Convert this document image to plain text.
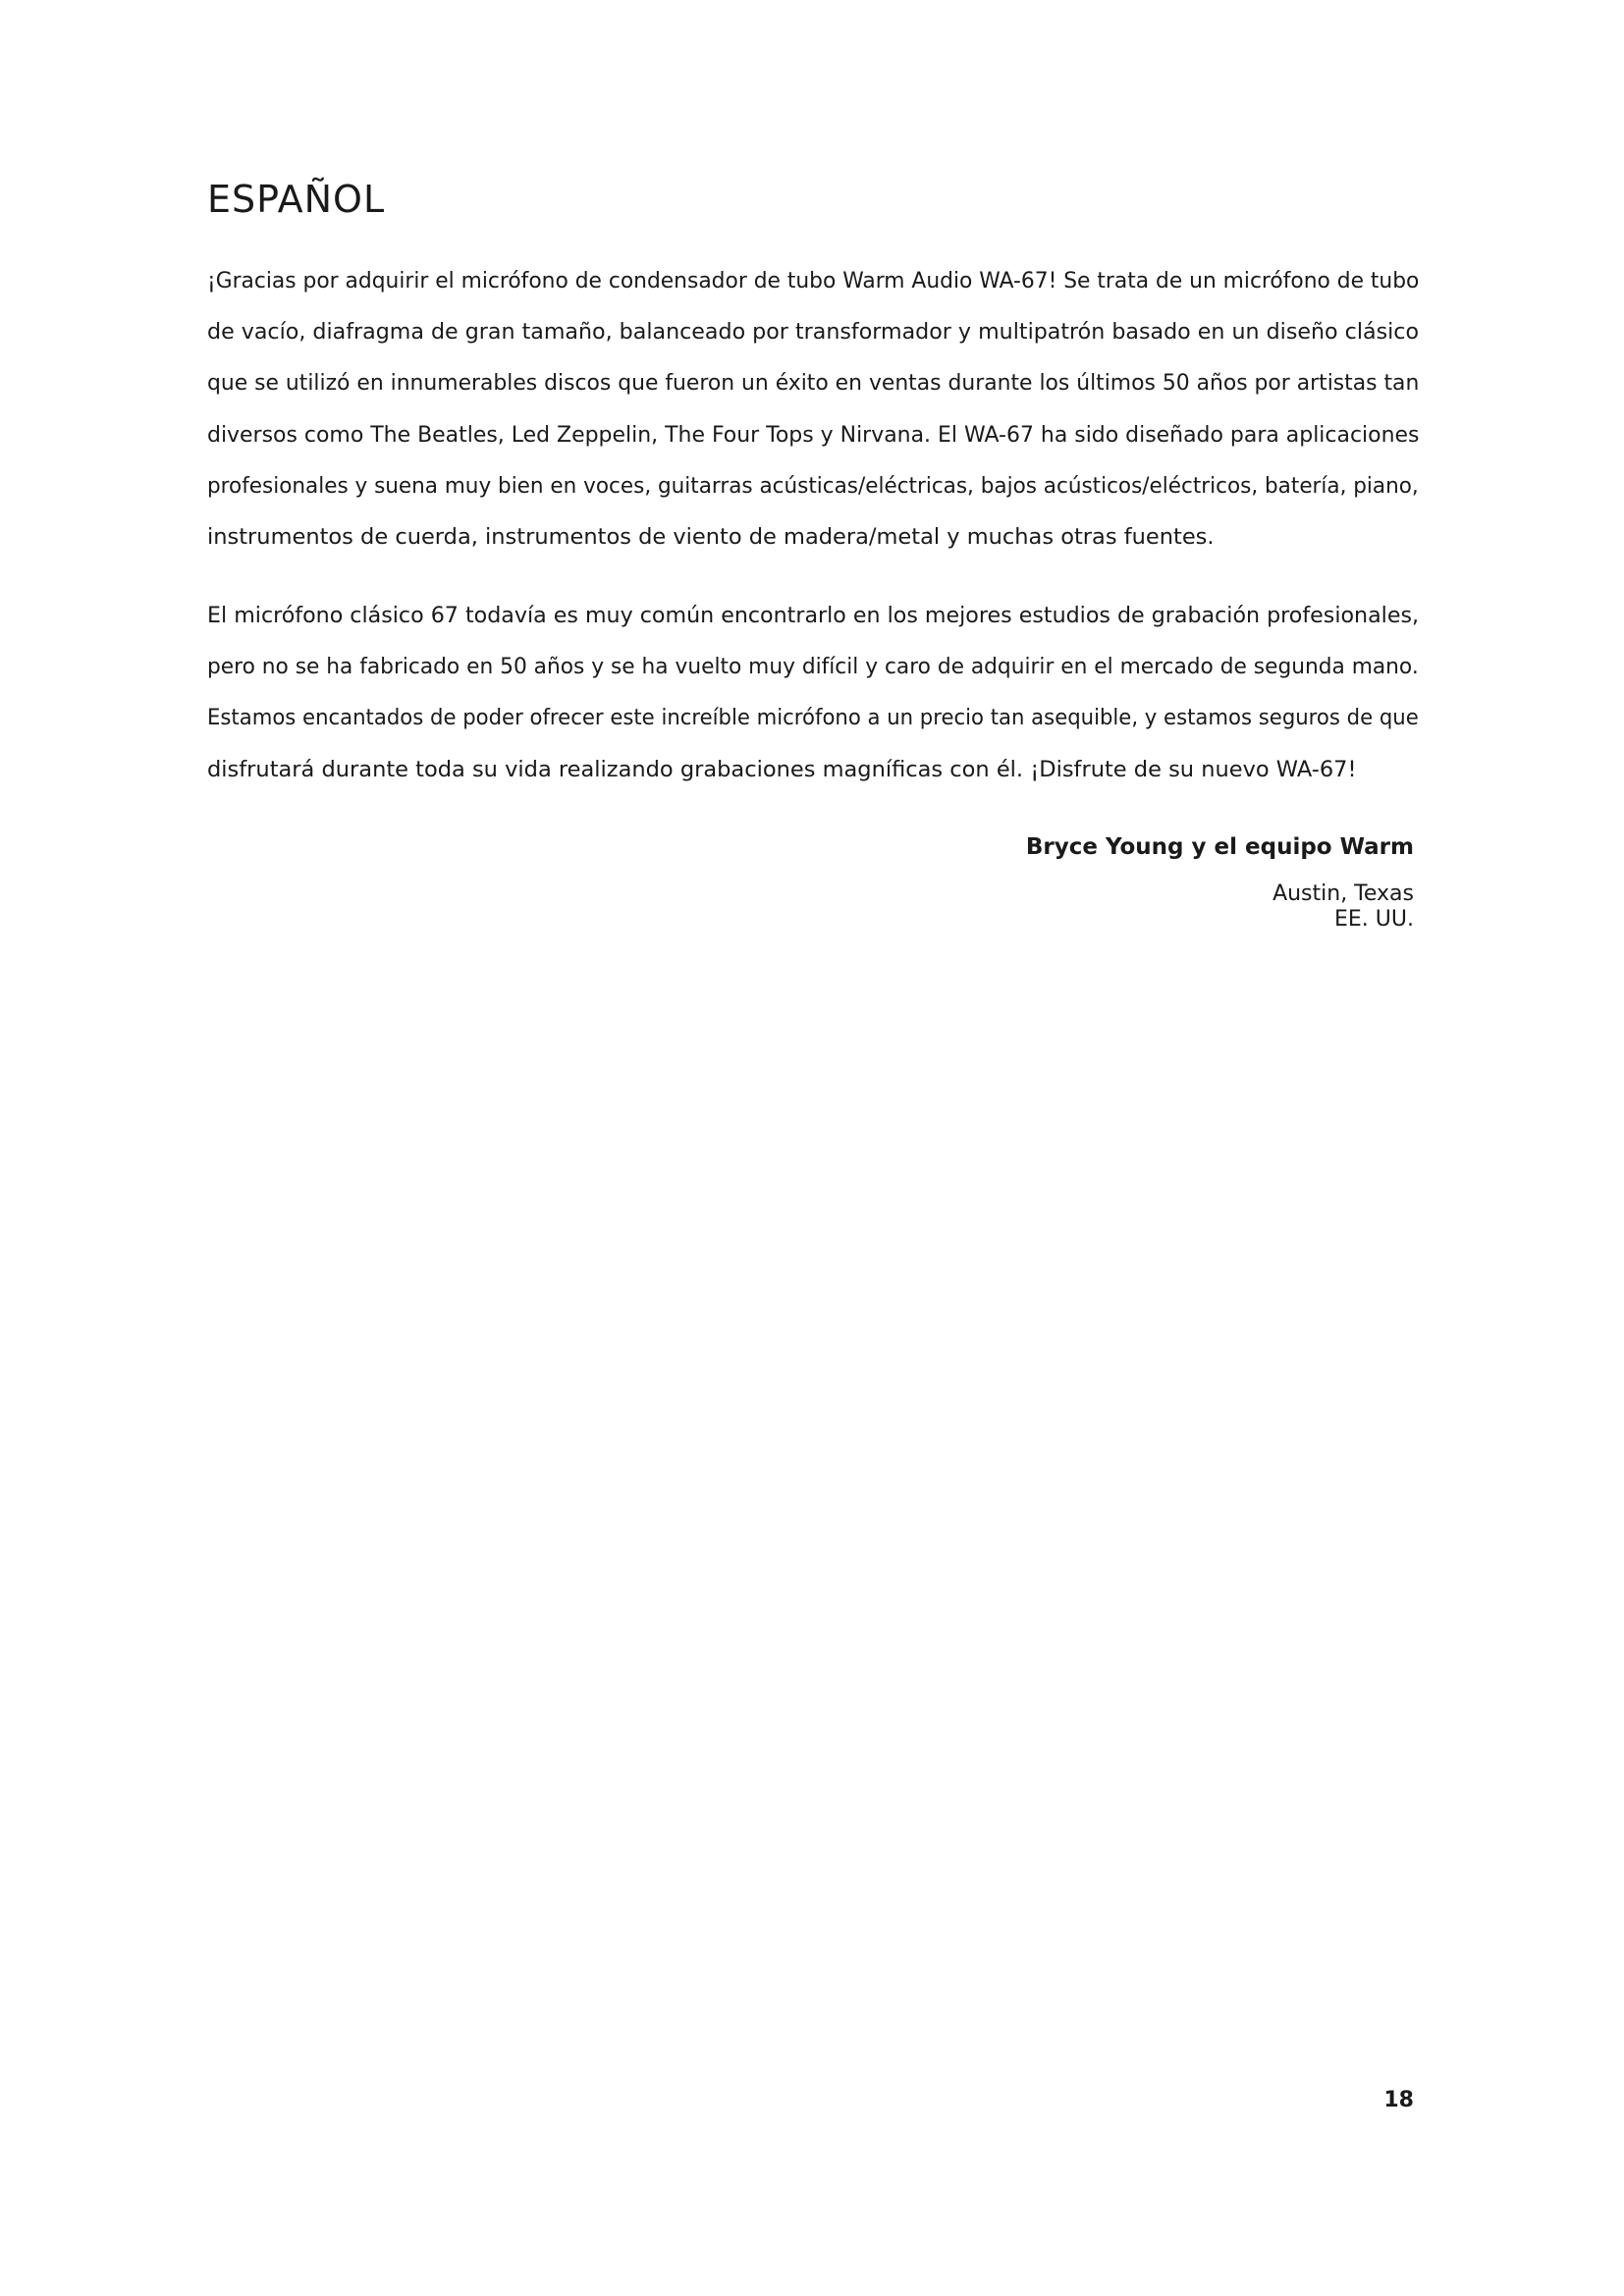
ESPAÑOL

¡Gracias por adquirir el micrófono de condensador de tubo Warm Audio WA-67! Se trata de un micrófono de tubo
de vacío, diafragma de gran tamaño, balanceado por transformador y multipatrón basado en un diseño clásico
que se utilizó en innumerables discos que fueron un éxito en ventas durante los últimos 50 años por artistas tan
diversos como The Beatles, Led Zeppelin, The Four Tops y Nirvana. El WA-67 ha sido diseñado para aplicaciones
profesionales y suena muy bien en voces, guitarras acústicas/eléctricas, bajos acústicos/eléctricos, batería, piano,
instrumentos de cuerda, instrumentos de viento de madera/metal y muchas otras fuentes.

El micrófono clásico 67 todavía es muy común encontrarlo en los mejores estudios de grabación profesionales,
pero no se ha fabricado en 50 años y se ha vuelto muy difícil y caro de adquirir en el mercado de segunda mano.
Estamos encantados de poder ofrecer este increíble micrófono a un precio tan asequible, y estamos seguros de que
disfrutará durante toda su vida realizando grabaciones magníficas con él. ¡Disfrute de su nuevo WA-67!

Bryce Young y el equipo Warm

Austin, Texas
EE. UU.

18
